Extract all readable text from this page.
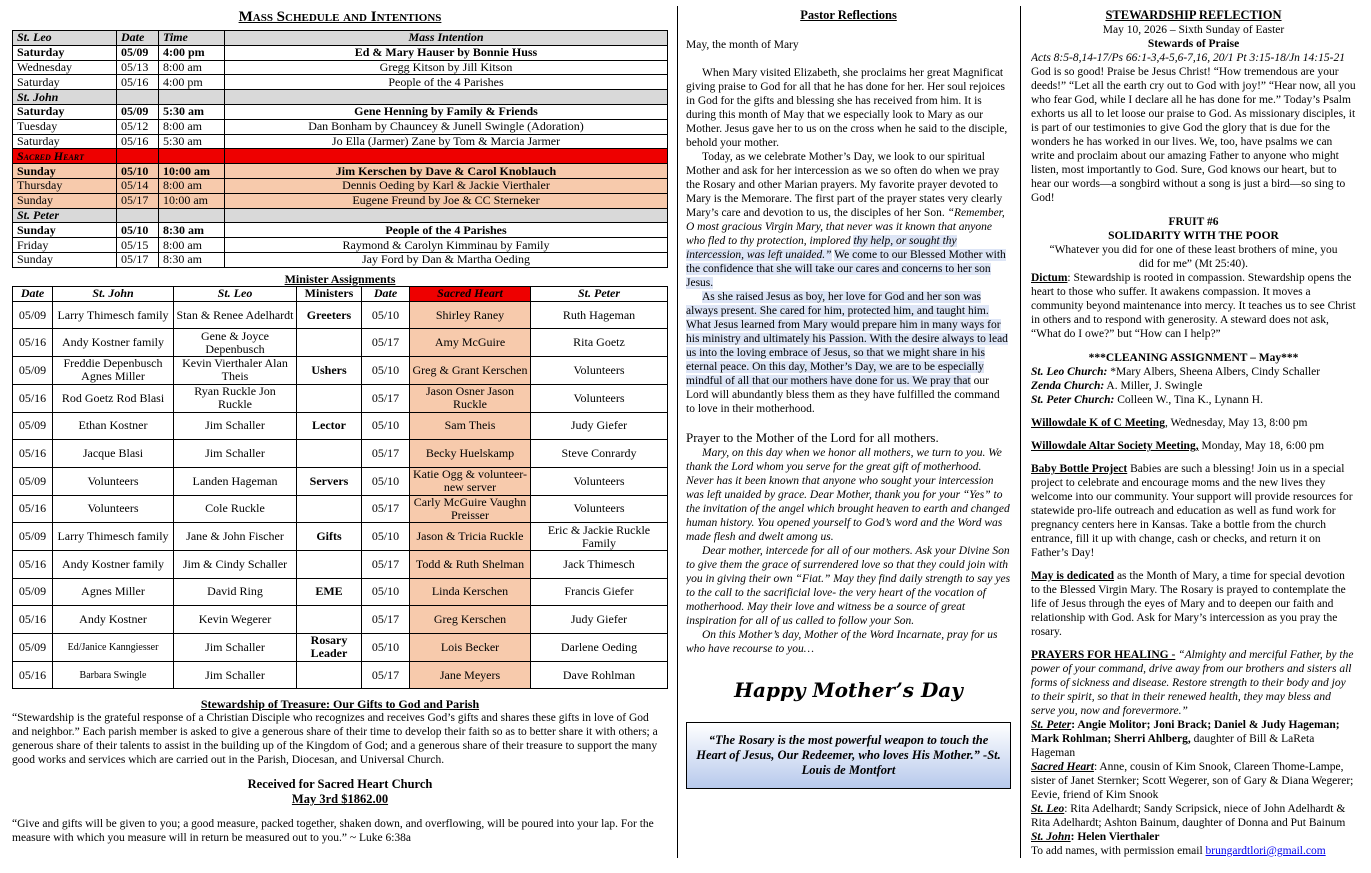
Mass Schedule and Intentions
St. Leo	Date	Time	Mass Intention
Saturday	05/09	4:00 pm	Ed & Mary Hauser by Bonnie Huss
Wednesday	05/13	8:00 am	Gregg Kitson by Jill Kitson
Saturday	05/16	4:00 pm	People of the 4 Parishes
St. John			
Saturday	05/09	5:30 am	Gene Henning by Family & Friends
Tuesday	05/12	8:00 am	Dan Bonham by Chauncey & Junell Swingle (Adoration)
Saturday	05/16	5:30 am	Jo Ella (Jarmer) Zane by Tom & Marcia Jarmer
Sacred Heart			
Sunday	05/10	10:00 am	Jim Kerschen by Dave & Carol Knoblauch
Thursday	05/14	8:00 am	Dennis Oeding by Karl & Jackie Vierthaler
Sunday	05/17	10:00 am	Eugene Freund by Joe & CC Sterneker
St. Peter			
Sunday	05/10	8:30 am	People of the 4 Parishes
Friday	05/15	8:00 am	Raymond & Carolyn Kimminau by Family
Sunday	05/17	8:30 am	Jay Ford by Dan & Martha Oeding
Minister Assignments
Date	St. John	St. Leo	Ministers	Date	Sacred Heart	St. Peter
05/09	Larry Thimesch family	Stan & Renee Adelhardt	Greeters	05/10	Shirley Raney	Ruth Hageman
05/16	Andy Kostner family	Gene & Joyce Depenbusch		05/17	Amy McGuire	Rita Goetz
05/09	Freddie Depenbusch Agnes Miller	Kevin Vierthaler Alan Theis	Ushers	05/10	Greg & Grant Kerschen	Volunteers
05/16	Rod Goetz Rod Blasi	Ryan Ruckle Jon Ruckle		05/17	Jason Osner Jason Ruckle	Volunteers
05/09	Ethan Kostner	Jim Schaller	Lector	05/10	Sam Theis	Judy Giefer
05/16	Jacque Blasi	Jim Schaller		05/17	Becky Huelskamp	Steve Conrardy
05/09	Volunteers	Landen Hageman	Servers	05/10	Katie Ogg & volunteer-new server	Volunteers
05/16	Volunteers	Cole Ruckle		05/17	Carly McGuire Vaughn Preisser	Volunteers
05/09	Larry Thimesch family	Jane & John Fischer	Gifts	05/10	Jason & Tricia Ruckle	Eric & Jackie Ruckle Family
05/16	Andy Kostner family	Jim & Cindy Schaller		05/17	Todd & Ruth Shelman	Jack Thimesch
05/09	Agnes Miller	David Ring	EME	05/10	Linda Kerschen	Francis Giefer
05/16	Andy Kostner	Kevin Wegerer		05/17	Greg Kerschen	Judy Giefer
05/09	Ed/Janice Kanngiesser	Jim Schaller	Rosary Leader	05/10	Lois Becker	Darlene Oeding
05/16	Barbara Swingle	Jim Schaller		05/17	Jane Meyers	Dave Rohlman
Stewardship of Treasure: Our Gifts to God and Parish
“Stewardship is the grateful response of a Christian Disciple who recognizes and receives God’s gifts and shares these gifts in love of God and neighbor.” Each parish member is asked to give a generous share of their time to develop their faith so as to better share it with others; a generous share of their talents to assist in the building up of the Kingdom of God; and a generous share of their treasure to support the many good works and services which are carried out in the Parish, Diocesan, and Universal Church.
Received for Sacred Heart Church
May 3rd $1862.00
“Give and gifts will be given to you; a good measure, packed together, shaken down, and overflowing, will be poured into your lap. For the measure with which you measure will in return be measured out to you.” ~ Luke 6:38a
Pastor Reflections
May, the month of Mary
When Mary visited Elizabeth, she proclaims her great Magnificat giving praise to God for all that he has done for her. Her soul rejoices in God for the gifts and blessing she has received from him. It is during this month of May that we especially look to Mary as our Mother. Jesus gave her to us on the cross when he said to the disciple, behold your mother.
Today, as we celebrate Mother’s Day, we look to our spiritual Mother and ask for her intercession as we so often do when we pray the Rosary and other Marian prayers. My favorite prayer devoted to Mary is the Memorare. The first part of the prayer states very clearly Mary’s care and devotion to us, the disciples of her Son. “Remember, O most gracious Virgin Mary, that never was it known that anyone who fled to thy protection, implored thy help, or sought thy intercession, was left unaided.” We come to our Blessed Mother with the confidence that she will take our cares and concerns to her son Jesus.
As she raised Jesus as boy, her love for God and her son was always present. She cared for him, protected him, and taught him. What Jesus learned from Mary would prepare him in many ways for his ministry and ultimately his Passion. With the desire always to lead us into the loving embrace of Jesus, so that we might share in his eternal peace. On this day, Mother’s Day, we are to be especially mindful of all that our mothers have done for us. We pray that our Lord will abundantly bless them as they have fulfilled the command to love in their motherhood.
Prayer to the Mother of the Lord for all mothers.
Mary, on this day when we honor all mothers, we turn to you. We thank the Lord whom you serve for the great gift of motherhood. Never has it been known that anyone who sought your intercession was left unaided by grace. Dear Mother, thank you for your “Yes” to the invitation of the angel which brought heaven to earth and changed human history. You opened yourself to God’s word and the Word was made flesh and dwelt among us.
Dear mother, intercede for all of our mothers. Ask your Divine Son to give them the grace of surrendered love so that they could join with you in giving their own “Fiat.” May they find daily strength to say yes to the call to the sacrificial love- the very heart of the vocation of motherhood. May their love and witness be a source of great inspiration for all of us called to follow your Son.
On this Mother’s day, Mother of the Word Incarnate, pray for us who have recourse to you…
Happy Mother’s Day
“The Rosary is the most powerful weapon to touch the Heart of Jesus, Our Redeemer, who loves His Mother.” -St. Louis de Montfort
STEWARDSHIP REFLECTION
May 10, 2026 – Sixth Sunday of Easter
Stewards of Praise
Acts 8:5-8,14-17/Ps 66:1-3,4-5,6-7,16, 20/1 Pt 3:15-18/Jn 14:15-21
God is so good! Praise be Jesus Christ! “How tremendous are your deeds!” “Let all the earth cry out to God with joy!” “Hear now, all you who fear God, while I declare all he has done for me.” Today’s Psalm exhorts us all to let loose our praise to God. As missionary disciples, it is part of our testimonies to give God the glory that is due for the wonders he has worked in our lives. We, too, have psalms we can write and proclaim about our amazing Father to anyone who might listen, most importantly to God. Sure, God knows our heart, but to hear our words—a songbird without a song is just a bird—so sing to God!
FRUIT #6
SOLIDARITY WITH THE POOR
“Whatever you did for one of these least brothers of mine, you did for me” (Mt 25:40).
Dictum: Stewardship is rooted in compassion. Stewardship opens the heart to those who suffer. It awakens compassion. It moves a community beyond maintenance into mercy. It teaches us to see Christ in others and to respond with generosity. A steward does not ask, “What do I owe?” but “How can I help?”
***CLEANING ASSIGNMENT – May***
St. Leo Church: *Mary Albers, Sheena Albers, Cindy Schaller
Zenda Church: A. Miller, J. Swingle
St. Peter Church: Colleen W., Tina K., Lynann H.
Willowdale K of C Meeting, Wednesday, May 13, 8:00 pm
Willowdale Altar Society Meeting, Monday, May 18, 6:00 pm
Baby Bottle Project Babies are such a blessing! Join us in a special project to celebrate and encourage moms and the new lives they welcome into our community. Your support will provide resources for statewide pro-life outreach and education as well as fund work for pregnancy centers here in Kansas. Take a bottle from the church entrance, fill it up with change, cash or checks, and return it on Father’s Day!
May is dedicated as the Month of Mary, a time for special devotion to the Blessed Virgin Mary. The Rosary is prayed to contemplate the life of Jesus through the eyes of Mary and to deepen our faith and relationship with God. Ask for Mary’s intercession as you pray the rosary.
PRAYERS FOR HEALING - “Almighty and merciful Father, by the power of your command, drive away from our brothers and sisters all forms of sickness and disease. Restore strength to their body and joy to their spirit, so that in their renewed health, they may bless and serve you, now and forevermore.”
St. Peter: Angie Molitor; Joni Brack; Daniel & Judy Hageman; Mark Rohlman; Sherri Ahlberg, daughter of Bill & LaReta Hageman
Sacred Heart: Anne, cousin of Kim Snook, Clareen Thome-Lampe, sister of Janet Sternker; Scott Wegerer, son of Gary & Diana Wegerer; Eevie, friend of Kim Snook
St. Leo: Rita Adelhardt; Sandy Scripsick, niece of John Adelhardt & Rita Adelhardt; Ashton Bainum, daughter of Donna and Put Bainum
St. John: Helen Vierthaler
To add names, with permission email brungardtlori@gmail.com
